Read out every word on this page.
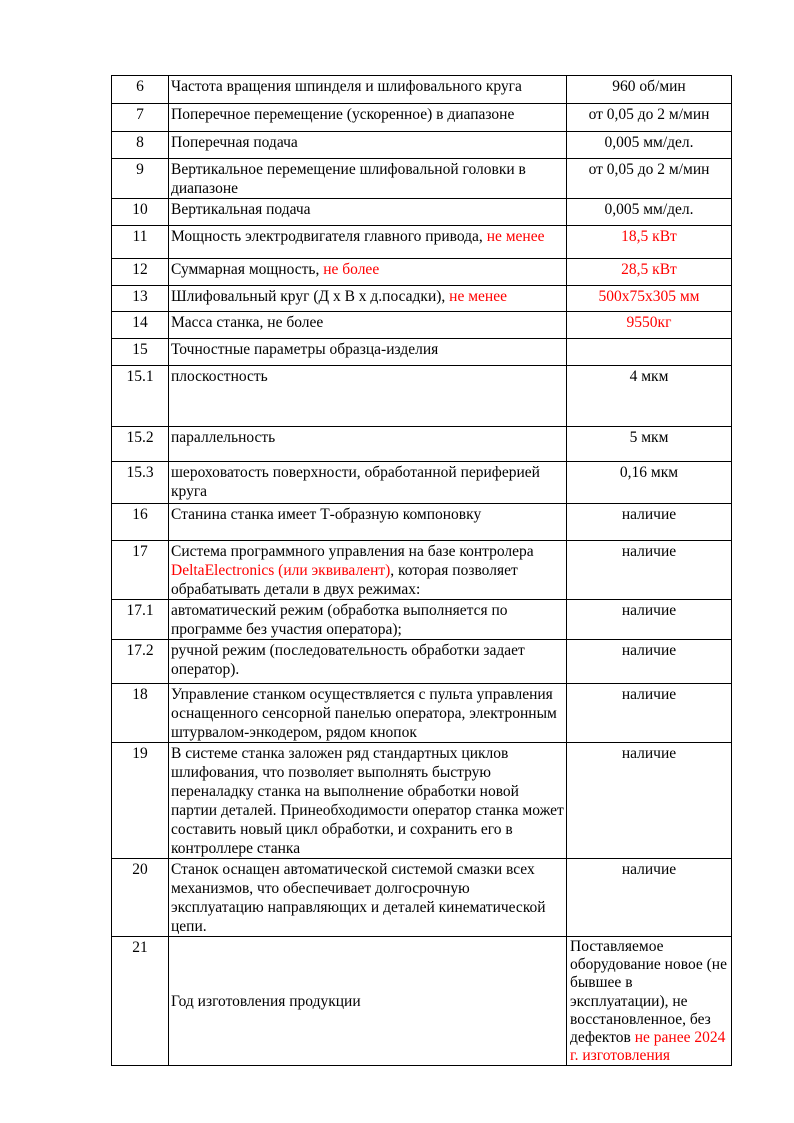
6	Частота вращения шпинделя и шлифовального круга	960 об/мин
7	Поперечное перемещение (ускоренное) в диапазоне	от 0,05 до 2 м/мин
8	Поперечная подача	0,005 мм/дел.
9	Вертикальное перемещение шлифовальной головки в диапазоне	от 0,05 до 2 м/мин
10	Вертикальная подача	0,005 мм/дел.
11	Мощность электродвигателя главного привода, не менее	18,5 кВт
12	Суммарная мощность, не более	28,5 кВт
13	Шлифовальный круг (Д х В х д.посадки), не менее	500х75х305 мм
14	Масса станка, не более	9550кг
15	Точностные параметры образца-изделия	
15.1	плоскостность	4 мкм
15.2	параллельность	5 мкм
15.3	шероховатость поверхности, обработанной периферией круга	0,16 мкм
16	Станина станка имеет Т-образную компоновку	наличие
17	Система программного управления на базе контролера DeltaElectronics (или эквивалент), которая позволяет обрабатывать детали в двух режимах:	наличие
17.1	автоматический режим (обработка выполняется по программе без участия оператора);	наличие
17.2	ручной режим (последовательность обработки задает оператор).	наличие
18	Управление станком осуществляется с пульта управления оснащенного сенсорной панелью оператора, электронным штурвалом-энкодером, рядом кнопок	наличие
19	В системе станка заложен ряд стандартных циклов шлифования, что позволяет выполнять быструю переналадку станка на выполнение обработки новой партии деталей. Принеобходимости оператор станка может составить новый цикл обработки, и сохранить его в контроллере станка	наличие
20	Станок оснащен автоматической системой смазки всех механизмов, что обеспечивает долгосрочную эксплуатацию направляющих и деталей кинематической цепи.	наличие
21	Год изготовления продукции	Поставляемое оборудование новое (не бывшее в эксплуатации), не восстановленное, без дефектов не ранее 2024 г. изготовления
